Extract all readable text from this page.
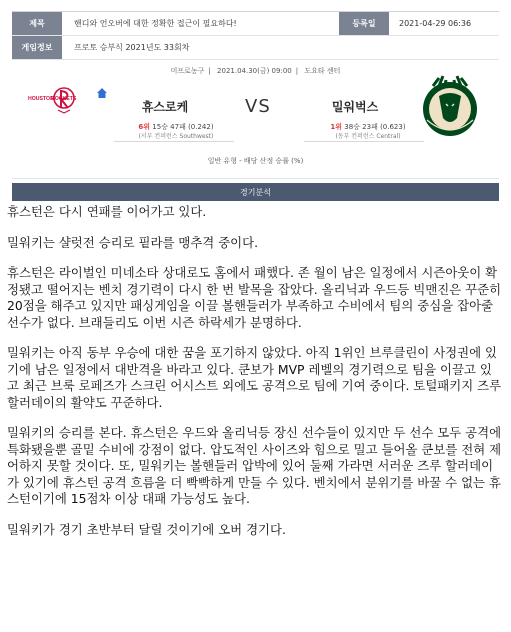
제목	핸디와 언오버에 대한 정확한 접근이 필요하다!	등록일	2021-04-29 06:36
게임정보	프로토 승부식 2021년도 33회차
미프로농구 | 2021.04.30(금) 09:00 | 도요타 센터
HOUSTON
ROCKETS
휴스로케	VS	밀워벅스
6위 15승 47패 (0.242)
(서부 컨퍼런스 Southwest)
1위 38승 23패 (0.623)
(동부 컨퍼런스 Central)
일반 유형 - 배당 산정 승률 (%)
경기분석

휴스턴은 다시 연패를 이어가고 있다.

밀워키는 샬럿전 승리로 핕라를 맹추격 중이다.

휴스턴은 라이벌인 미네소타 상대로도 홈에서 패했다. 존 월이 남은 일정에서 시즌아웃이 확정됐고 떨어지는 벤치 경기력이 다시 한 번 발목을 잡았다. 올리닉과 우드등 빅맨진은 꾸준히 20점을 해주고 있지만 패싱게임을 이끌 볼핸들러가 부족하고 수비에서 팀의 중심을 잡아줄 선수가 없다. 브래들리도 이번 시즌 하락세가 분명하다.

밀워키는 아직 동부 우승에 대한 꿈을 포기하지 않았다. 아직 1위인 브루클린이 사정권에 있기에 남은 일정에서 대반격을 바라고 있다. 쿤보가 MVP 레벨의 경기력으로 팀을 이끌고 있고 최근 브룩 로페즈가 스크린 어시스트 외에도 공격으로 팀에 기여 중이다. 토털패키지 즈루 할러데이의 활약도 꾸준하다.

밀워키의 승리를 본다. 휴스턴은 우드와 올리닉등 장신 선수들이 있지만 두 선수 모두 공격에 특화됐을뿐 골밑 수비에 강점이 없다. 압도적인 사이즈와 힘으로 밀고 들어올 쿤보를 전혀 제어하지 못할 것이다. 또, 밀워키는 볼핸들러 압박에 있어 둘째 가라면 서러운 즈루 할러데이가 있기에 휴스턴 공격 흐름을 더 빡빡하게 만들 수 있다. 벤치에서 분위기를 바꿀 수 없는 휴스턴이기에 15점차 이상 대패 가능성도 높다.

밀워키가 경기 초반부터 달릴 것이기에 오버 경기다.
